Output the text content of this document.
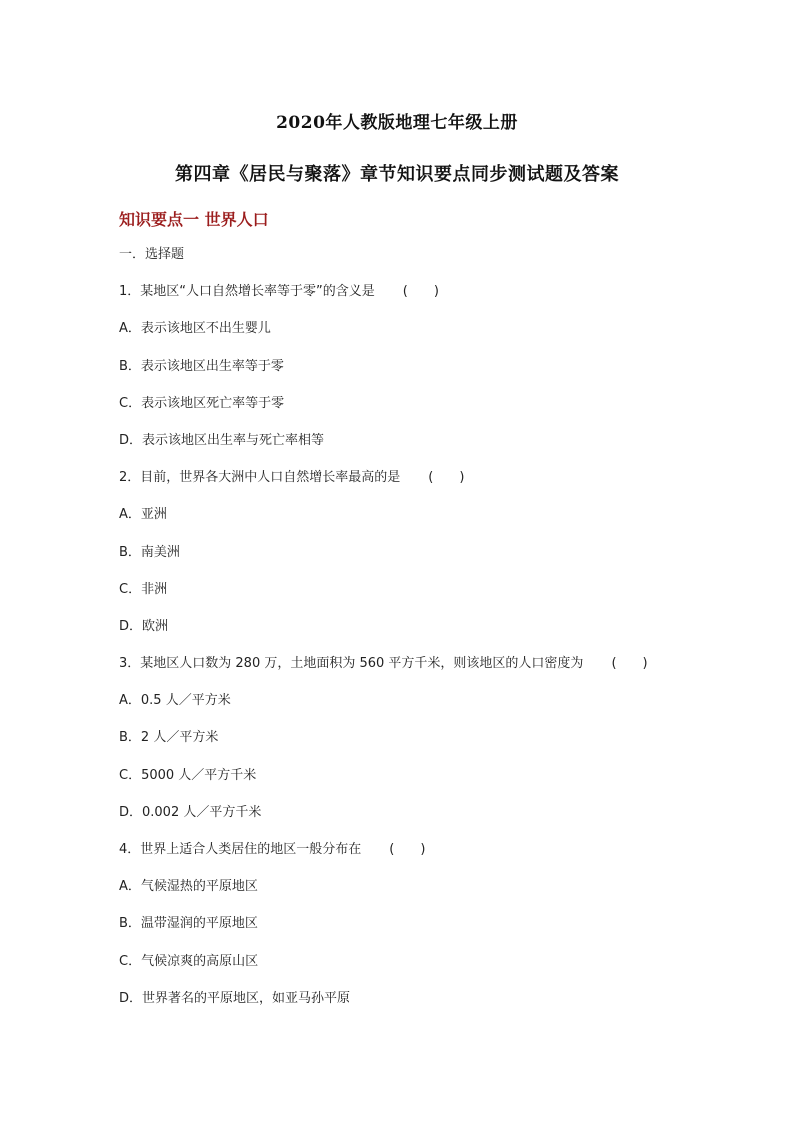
2020年人教版地理七年级上册
第四章《居民与聚落》章节知识要点同步测试题及答案
知识要点一 世界人口
一．选择题
1．某地区“人口自然增长率等于零”的含义是 (　　)
A．表示该地区不出生婴儿
B．表示该地区出生率等于零
C．表示该地区死亡率等于零
D．表示该地区出生率与死亡率相等
2．目前，世界各大洲中人口自然增长率最高的是 (　　)
A．亚洲
B．南美洲
C．非洲
D．欧洲
3．某地区人口数为 280 万，土地面积为 560 平方千米，则该地区的人口密度为 (　　)
A．0.5 人／平方米
B．2 人／平方米
C．5000 人／平方千米
D．0.002 人／平方千米
4．世界上适合人类居住的地区一般分布在 (　　)
A．气候湿热的平原地区
B．温带湿润的平原地区
C．气候凉爽的高原山区
D．世界著名的平原地区，如亚马孙平原
